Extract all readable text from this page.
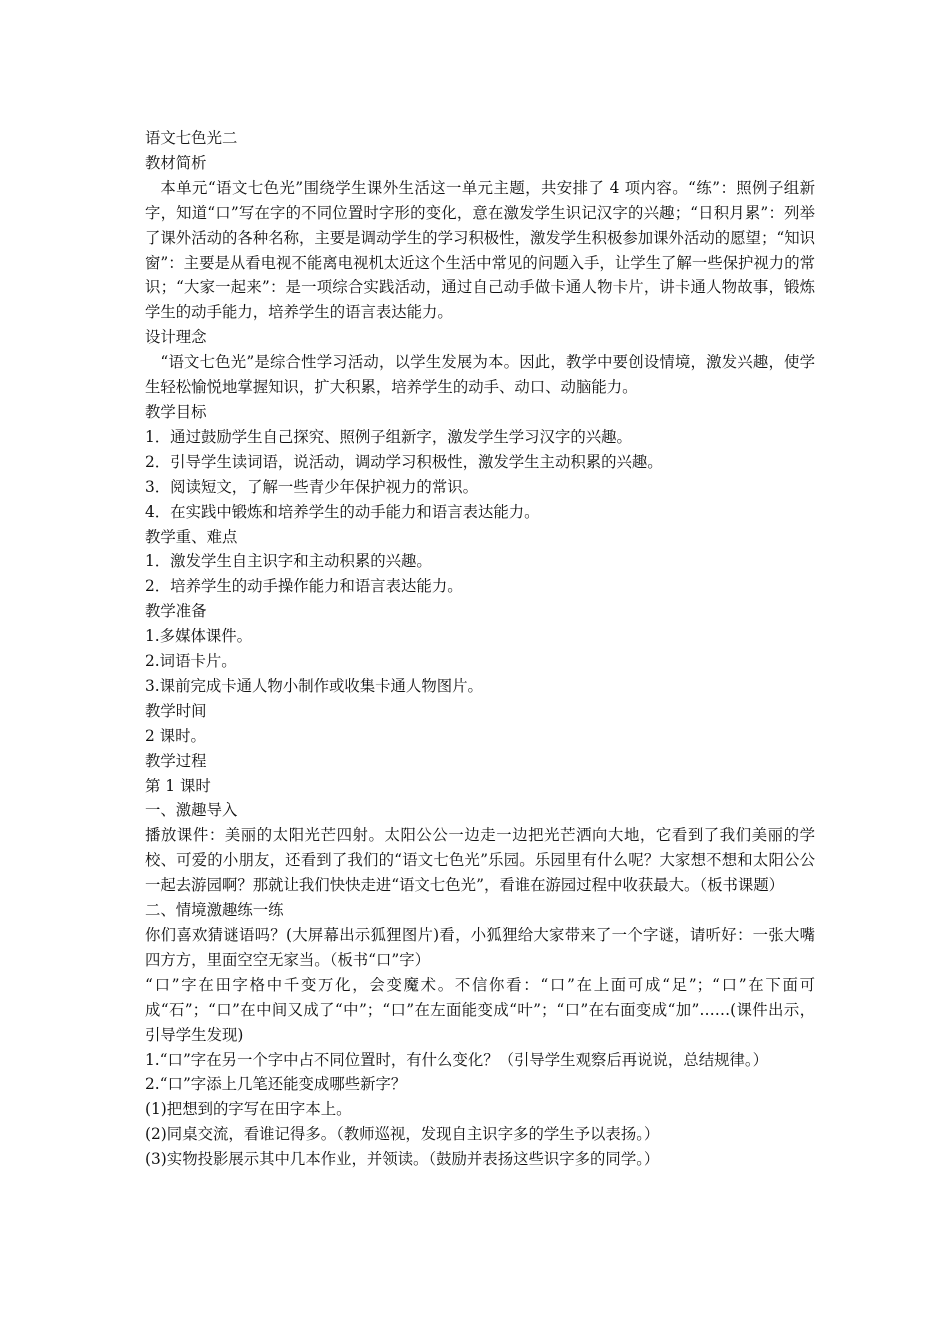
语文七色光二

教材简析

本单元“语文七色光”围绕学生课外生活这一单元主题，共安排了 4 项内容。“练”：照例子组新字，知道“口”写在字的不同位置时字形的变化，意在激发学生识记汉字的兴趣；“日积月累”：列举了课外活动的各种名称，主要是调动学生的学习积极性，激发学生积极参加课外活动的愿望；“知识窗”：主要是从看电视不能离电视机太近这个生活中常见的问题入手，让学生了解一些保护视力的常识；“大家一起来”：是一项综合实践活动，通过自己动手做卡通人物卡片，讲卡通人物故事，锻炼学生的动手能力，培养学生的语言表达能力。

设计理念

“语文七色光”是综合性学习活动，以学生发展为本。因此，教学中要创设情境，激发兴趣，使学生轻松愉悦地掌握知识，扩大积累，培养学生的动手、动口、动脑能力。

教学目标

1．通过鼓励学生自己探究、照例子组新字，激发学生学习汉字的兴趣。

2．引导学生读词语，说活动，调动学习积极性，激发学生主动积累的兴趣。

3．阅读短文，了解一些青少年保护视力的常识。

4．在实践中锻炼和培养学生的动手能力和语言表达能力。

教学重、难点

1．激发学生自主识字和主动积累的兴趣。

2．培养学生的动手操作能力和语言表达能力。

教学准备

1.多媒体课件。

2.词语卡片。

3.课前完成卡通人物小制作或收集卡通人物图片。

教学时间

2 课时。

教学过程

第 1 课时

一、激趣导入

播放课件：美丽的太阳光芒四射。太阳公公一边走一边把光芒洒向大地，它看到了我们美丽的学校、可爱的小朋友，还看到了我们的“语文七色光”乐园。乐园里有什么呢？大家想不想和太阳公公一起去游园啊？那就让我们快快走进“语文七色光”，看谁在游园过程中收获最大。（板书课题）

二、情境激趣练一练

你们喜欢猜谜语吗？(大屏幕出示狐狸图片)看，小狐狸给大家带来了一个字谜，请听好：一张大嘴四方方，里面空空无家当。（板书“口”字）

“口”字在田字格中千变万化，会变魔术。不信你看：“口”在上面可成“足”；“口”在下面可成“石”；“口”在中间又成了“中”；“口”在左面能变成“叶”；“口”在右面变成“加”……(课件出示，引导学生发现)

1.“口”字在另一个字中占不同位置时，有什么变化？（引导学生观察后再说说，总结规律。）

2.“口”字添上几笔还能变成哪些新字？

(1)把想到的字写在田字本上。

(2)同桌交流，看谁记得多。（教师巡视，发现自主识字多的学生予以表扬。）

(3)实物投影展示其中几本作业，并领读。（鼓励并表扬这些识字多的同学。）
